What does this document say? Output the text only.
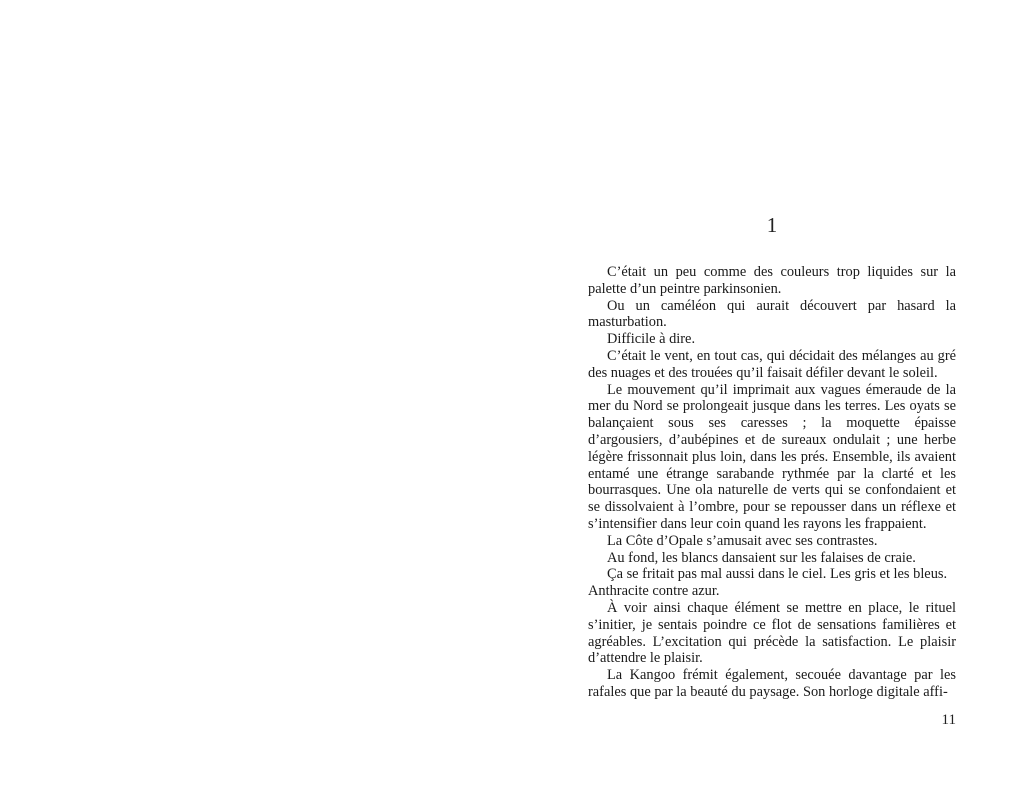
1

C’était un peu comme des couleurs trop liquides sur la palette d’un peintre parkinsonien.

Ou un caméléon qui aurait découvert par hasard la masturbation.

Difficile à dire.

C’était le vent, en tout cas, qui décidait des mélanges au gré des nuages et des trouées qu’il faisait défiler devant le soleil.

Le mouvement qu’il imprimait aux vagues émeraude de la mer du Nord se prolongeait jusque dans les terres. Les oyats se balançaient sous ses caresses ; la moquette épaisse d’argousiers, d’aubépines et de sureaux ondulait ; une herbe légère frissonnait plus loin, dans les prés. Ensemble, ils avaient entamé une étrange sarabande rythmée par la clarté et les bourrasques. Une ola naturelle de verts qui se confondaient et se dissolvaient à l’ombre, pour se repousser dans un réflexe et s’intensifier dans leur coin quand les rayons les frappaient.

La Côte d’Opale s’amusait avec ses contrastes.

Au fond, les blancs dansaient sur les falaises de craie.

Ça se fritait pas mal aussi dans le ciel. Les gris et les bleus.

Anthracite contre azur.

À voir ainsi chaque élément se mettre en place, le rituel s’initier, je sentais poindre ce flot de sensations familières et agréables. L’excitation qui précède la satisfaction. Le plaisir d’attendre le plaisir.

La Kangoo frémit également, secouée davantage par les rafales que par la beauté du paysage. Son horloge digitale affi-

11
